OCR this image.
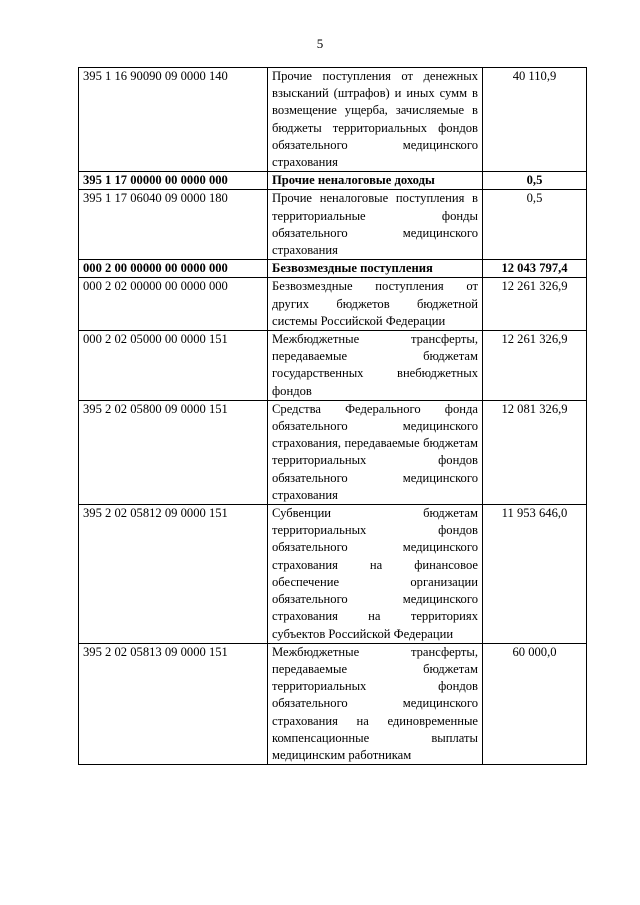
5
395 1 16 90090 09 0000 140	Прочие поступления от денежных взысканий (штрафов) и иных сумм в возмещение ущерба, зачисляемые в бюджеты территориальных фондов обязательного медицинского страхования	40 110,9
395 1 17 00000 00 0000 000	Прочие неналоговые доходы	0,5
395 1 17 06040 09 0000 180	Прочие неналоговые поступления в территориальные фонды обязательного медицинского страхования	0,5
000 2 00 00000 00 0000 000	Безвозмездные поступления	12 043 797,4
000 2 02 00000 00 0000 000	Безвозмездные поступления от других бюджетов бюджетной системы Российской Федерации	12 261 326,9
000 2 02 05000 00 0000 151	Межбюджетные трансферты, передаваемые бюджетам государственных внебюджетных фондов	12 261 326,9
395 2 02 05800 09 0000 151	Средства Федерального фонда обязательного медицинского страхования, передаваемые бюджетам территориальных фондов обязательного медицинского страхования	12 081 326,9
395 2 02 05812 09 0000 151	Субвенции бюджетам территориальных фондов обязательного медицинского страхования на финансовое обеспечение организации обязательного медицинского страхования на территориях субъектов Российской Федерации	11 953 646,0
395 2 02 05813 09 0000 151	Межбюджетные трансферты, передаваемые бюджетам территориальных фондов обязательного медицинского страхования на единовременные компенсационные выплаты медицинским работникам	60 000,0
